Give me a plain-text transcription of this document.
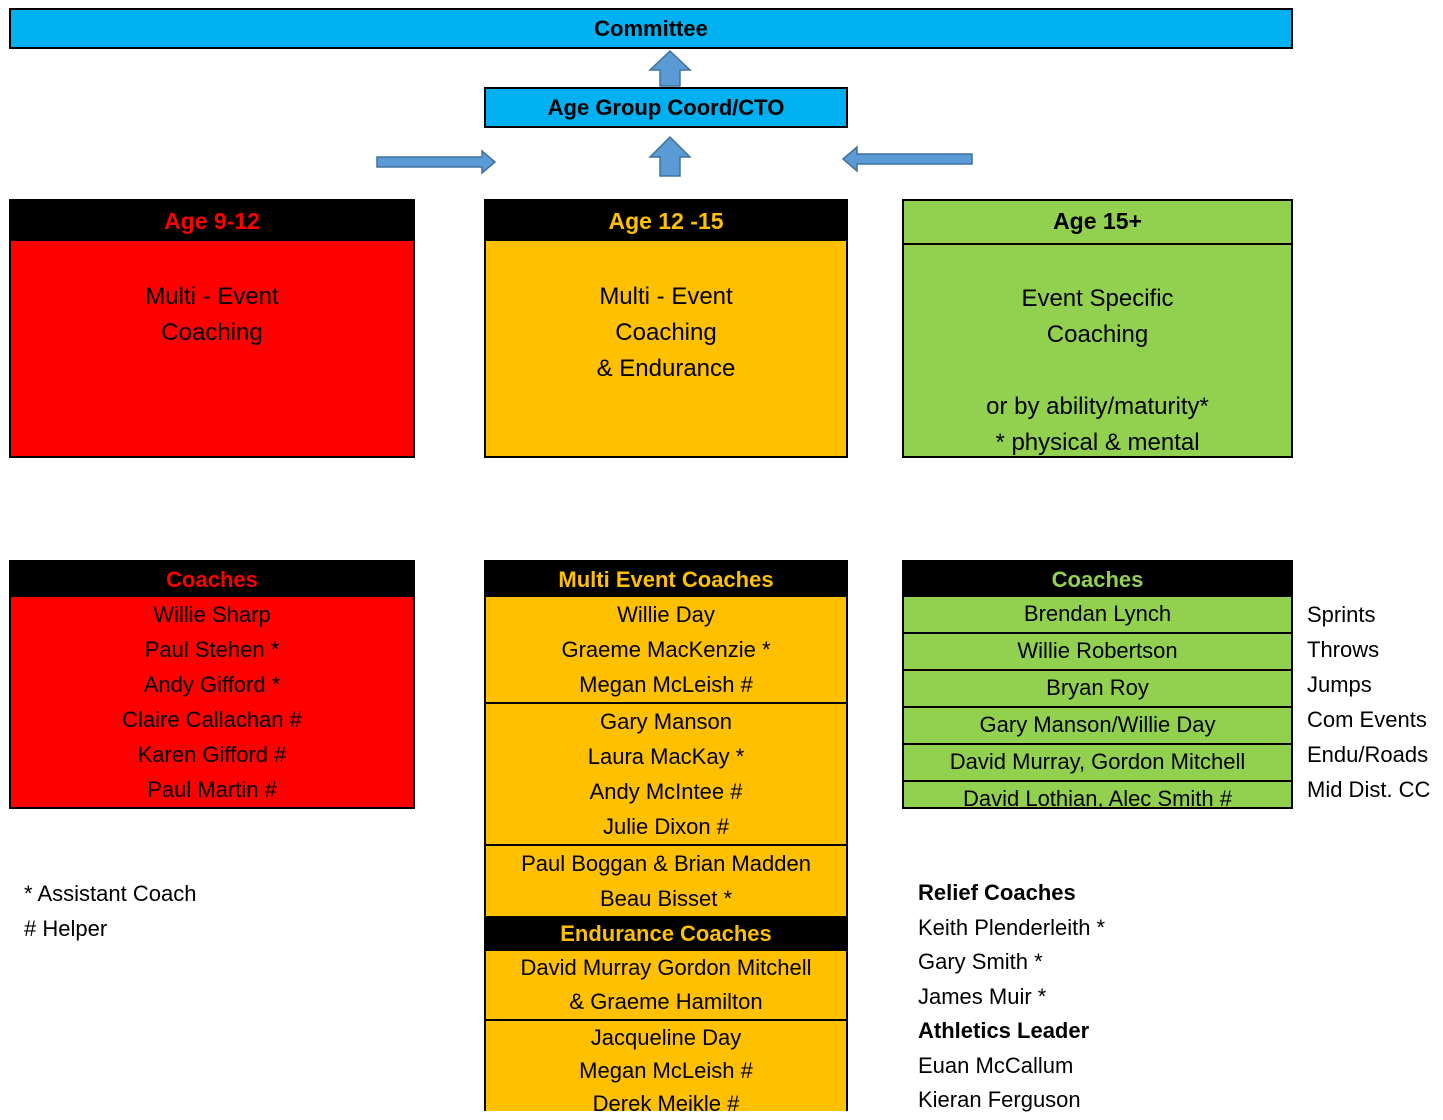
Committee
Age Group Coord/CTO
Age 9-12
Multi - Event
Coaching
Age 12 -15
Multi - Event
Coaching
& Endurance
Age 15+
Event Specific
Coaching
or by ability/maturity*
* physical & mental
Coaches
Willie Sharp
Paul Stehen *
Andy Gifford *
Claire Callachan #
Karen Gifford #
Paul Martin #
Multi Event Coaches
Willie Day
Graeme MacKenzie *
Megan McLeish #
Gary Manson
Laura MacKay *
Andy McIntee #
Julie Dixon #
Paul Boggan & Brian Madden
Beau Bisset *
Endurance Coaches
David Murray Gordon Mitchell
& Graeme Hamilton
Jacqueline Day
Megan McLeish #
Derek Meikle #
Coaches
Brendan Lynch
Willie Robertson
Bryan Roy
Gary Manson/Willie Day
David Murray, Gordon Mitchell
David Lothian, Alec Smith #
Sprints
Throws
Jumps
Com Events
Endu/Roads
Mid Dist. CC
* Assistant Coach
# Helper
Relief Coaches
Keith Plenderleith *
Gary Smith *
James Muir *
Athletics Leader
Euan McCallum
Kieran Ferguson
